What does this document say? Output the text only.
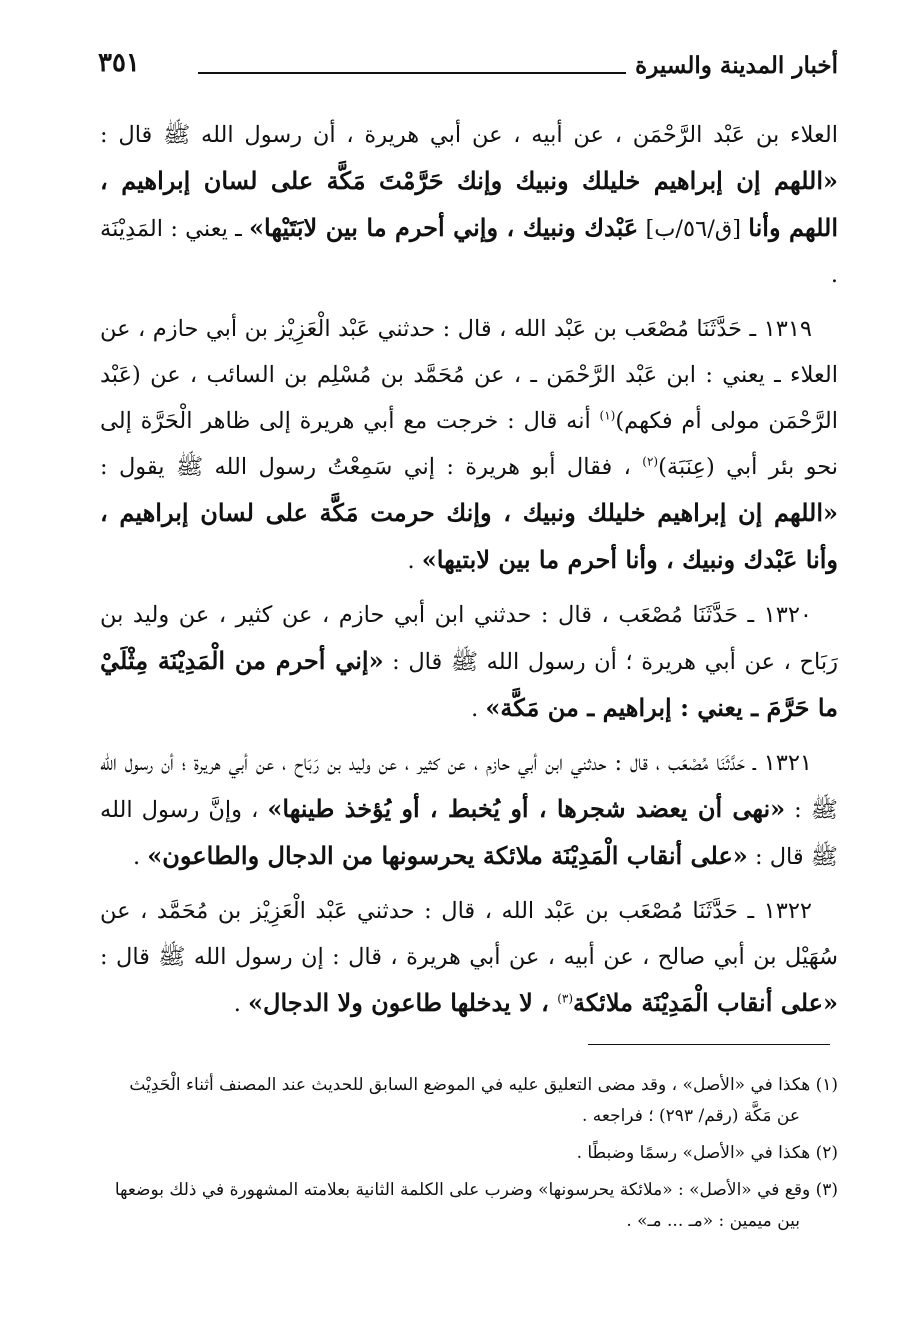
أخبار المدينة والسيرة
٣٥١

العلاء بن عَبْد الرَّحْمَن ، عن أبيه ، عن أبي هريرة ، أن رسول الله ﷺ قال : «اللهم إن إبراهيم خليلك ونبيك وإنك حَرَّمْتَ مَكَّة على لسان إبراهيم ، اللهم وأنا [ق/٥٦/ب] عَبْدك ونبيك ، وإني أحرم ما بين لابَتَيْها» ـ يعني : المَدِيْنَة .

١٣١٩ ـ حَدَّثَنَا مُصْعَب بن عَبْد الله ، قال : حدثني عَبْد الْعَزِيْز بن أبي حازم ، عن العلاء ـ يعني : ابن عَبْد الرَّحْمَن ـ ، عن مُحَمَّد بن مُسْلِم بن السائب ، عن (عَبْد الرَّحْمَن مولى أم فكهم)$^{(١)}$ أنه قال : خرجت مع أبي هريرة إلى ظاهر الْحَرَّة إلى نحو بئر أبي (عِنَبَة)$^{(٢)}$ ، فقال أبو هريرة : إني سَمِعْتُ رسول الله ﷺ يقول : «اللهم إن إبراهيم خليلك ونبيك ، وإنك حرمت مَكَّة على لسان إبراهيم ، وأنا عَبْدك ونبيك ، وأنا أحرم ما بين لابتيها» .

١٣٢٠ ـ حَدَّثَنَا مُصْعَب ، قال : حدثني ابن أبي حازم ، عن كثير ، عن وليد بن رَبَاح ، عن أبي هريرة ؛ أن رسول الله ﷺ قال : «إني أحرم من الْمَدِيْنَة مِثْلَيْ ما حَرَّمَ ـ يعني : إبراهيم ـ من مَكَّة» .

١٣٢١ ـ حَدَّثَنَا مُصْعَب ، قال : حدثني ابن أبي حازم ، عن كثير ، عن وليد بن رَبَاح ، عن أبي هريرة ؛ أن رسول الله ﷺ : «نهى أن يعضد شجرها ، أو يُخبط ، أو يُؤخذ طينها» ، وإنَّ رسول الله ﷺ قال : «على أنقاب الْمَدِيْنَة ملائكة يحرسونها من الدجال والطاعون» .

١٣٢٢ ـ حَدَّثَنَا مُصْعَب بن عَبْد الله ، قال : حدثني عَبْد الْعَزِيْز بن مُحَمَّد ، عن سُهَيْل بن أبي صالح ، عن أبيه ، عن أبي هريرة ، قال : إن رسول الله ﷺ قال : «على أنقاب الْمَدِيْنَة ملائكة$^{(٣)}$ ، لا يدخلها طاعون ولا الدجال» .

(١) هكذا في «الأصل» ، وقد مضى التعليق عليه في الموضع السابق للحديث عند المصنف أثناء الْحَدِيْث
عن مَكَّة (رقم/ ٢٩٣) ؛ فراجعه .
(٢) هكذا في «الأصل» رسمًا وضبطًا .
(٣) وقع في «الأصل» : «ملائكة يحرسونها» وضرب على الكلمة الثانية بعلامته المشهورة في ذلك بوضعها
بين ميمين : «مـ ... مـ» .
